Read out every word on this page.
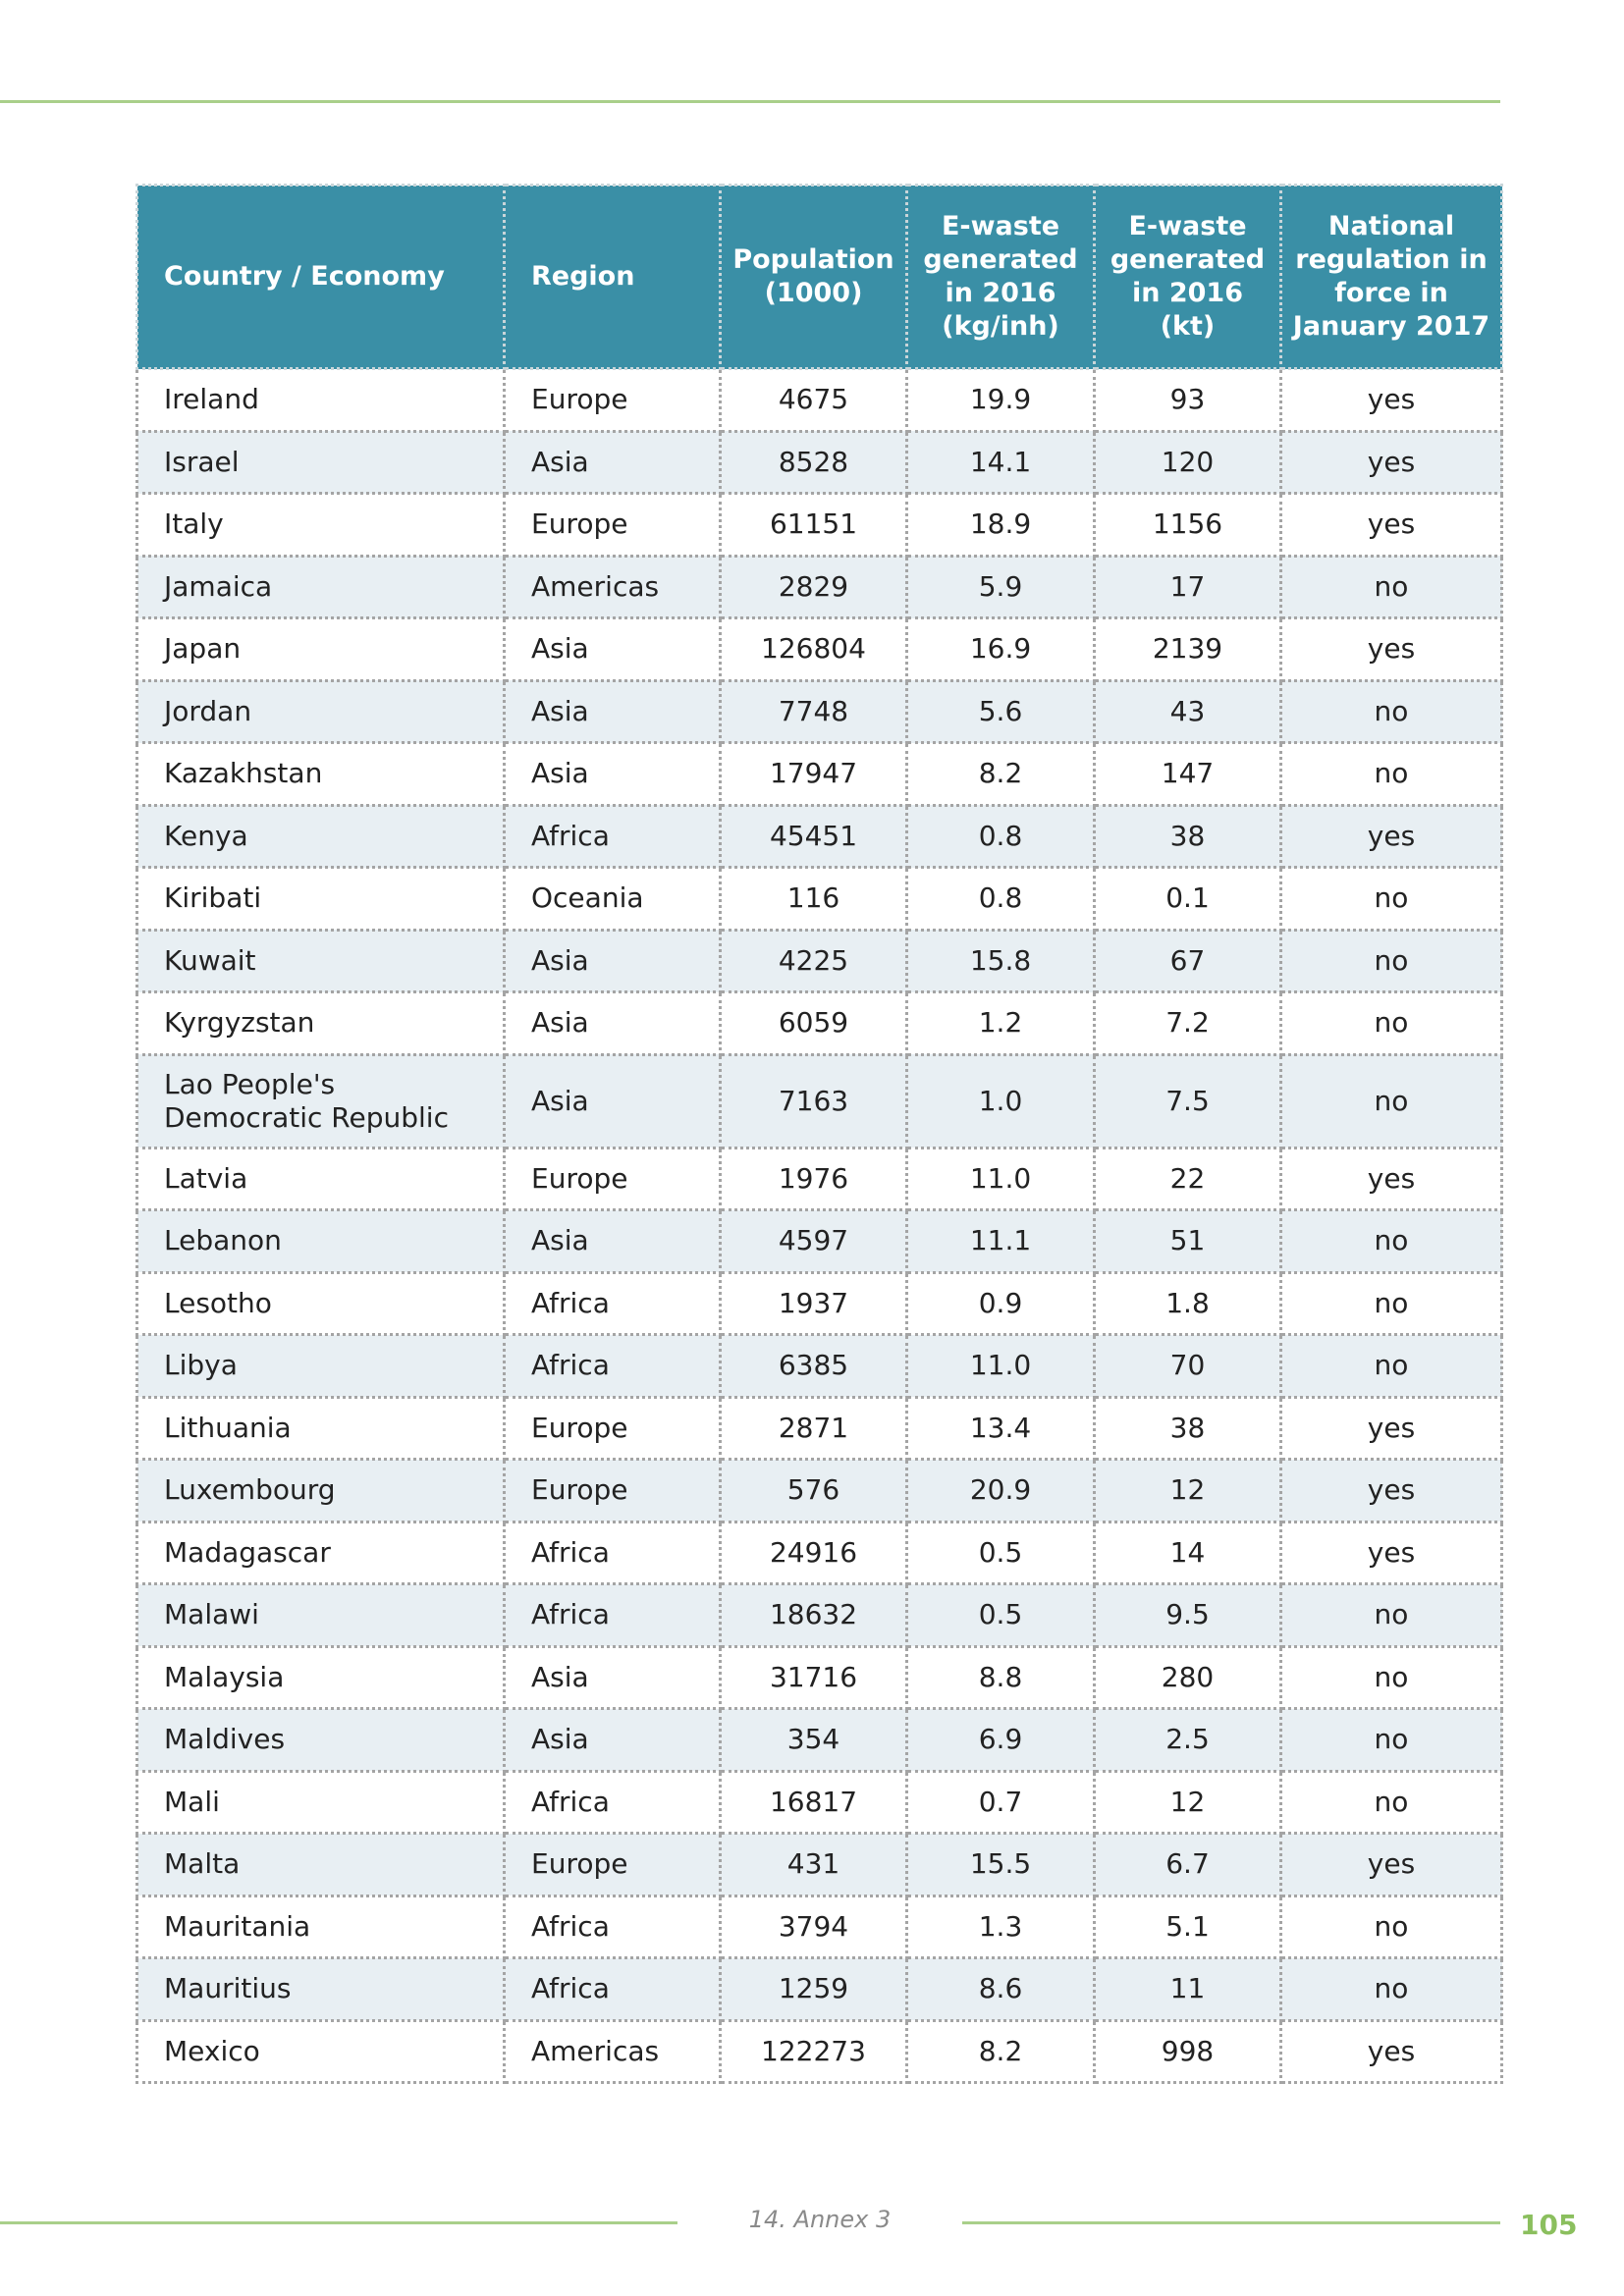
Country / Economy	Region	Population (1000)	E-waste generated in 2016 (kg/inh)	E-waste generated in 2016 (kt)	National regulation in force in January 2017
Ireland	Europe	4675	19.9	93	yes
Israel	Asia	8528	14.1	120	yes
Italy	Europe	61151	18.9	1156	yes
Jamaica	Americas	2829	5.9	17	no
Japan	Asia	126804	16.9	2139	yes
Jordan	Asia	7748	5.6	43	no
Kazakhstan	Asia	17947	8.2	147	no
Kenya	Africa	45451	0.8	38	yes
Kiribati	Oceania	116	0.8	0.1	no
Kuwait	Asia	4225	15.8	67	no
Kyrgyzstan	Asia	6059	1.2	7.2	no
Lao People's Democratic Republic	Asia	7163	1.0	7.5	no
Latvia	Europe	1976	11.0	22	yes
Lebanon	Asia	4597	11.1	51	no
Lesotho	Africa	1937	0.9	1.8	no
Libya	Africa	6385	11.0	70	no
Lithuania	Europe	2871	13.4	38	yes
Luxembourg	Europe	576	20.9	12	yes
Madagascar	Africa	24916	0.5	14	yes
Malawi	Africa	18632	0.5	9.5	no
Malaysia	Asia	31716	8.8	280	no
Maldives	Asia	354	6.9	2.5	no
Mali	Africa	16817	0.7	12	no
Malta	Europe	431	15.5	6.7	yes
Mauritania	Africa	3794	1.3	5.1	no
Mauritius	Africa	1259	8.6	11	no
Mexico	Americas	122273	8.2	998	yes
14. Annex 3	105
